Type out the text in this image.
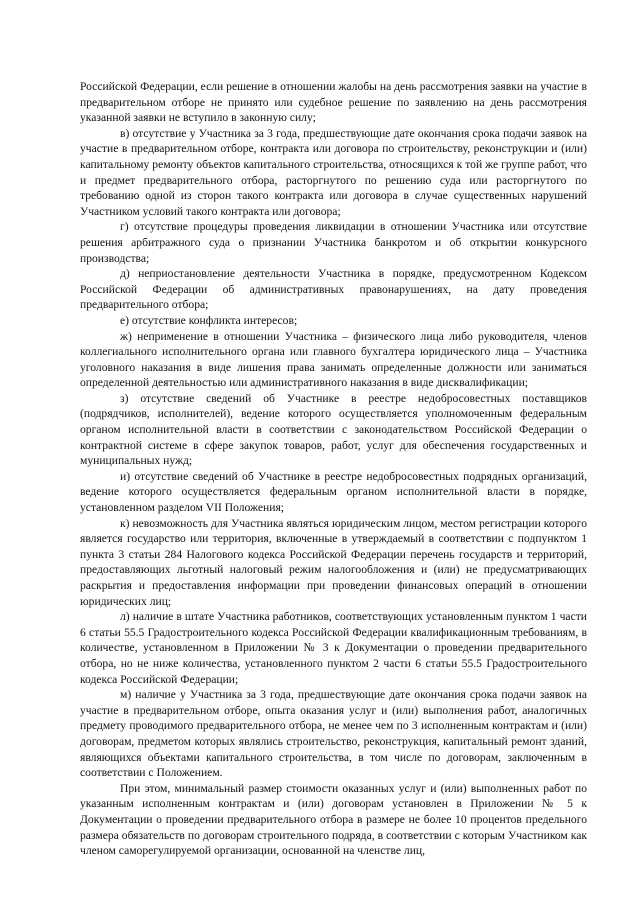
Российской Федерации, если решение в отношении жалобы на день рассмотрения заявки на участие в предварительном отборе не принято или судебное решение по заявлению на день рассмотрения указанной заявки не вступило в законную силу;

в) отсутствие у Участника за 3 года, предшествующие дате окончания срока подачи заявок на участие в предварительном отборе, контракта или договора по строительству, реконструкции и (или) капитальному ремонту объектов капитального строительства, относящихся к той же группе работ, что и предмет предварительного отбора, расторгнутого по решению суда или расторгнутого по требованию одной из сторон такого контракта или договора в случае существенных нарушений Участником условий такого контракта или договора;

г) отсутствие процедуры проведения ликвидации в отношении Участника или отсутствие решения арбитражного суда о признании Участника банкротом и об открытии конкурсного производства;

д) неприостановление деятельности Участника в порядке, предусмотренном Кодексом Российской Федерации об административных правонарушениях, на дату проведения предварительного отбора;

е) отсутствие конфликта интересов;

ж) неприменение в отношении Участника – физического лица либо руководителя, членов коллегиального исполнительного органа или главного бухгалтера юридического лица – Участника уголовного наказания в виде лишения права занимать определенные должности или заниматься определенной деятельностью или административного наказания в виде дисквалификации;

з) отсутствие сведений об Участнике в реестре недобросовестных поставщиков (подрядчиков, исполнителей), ведение которого осуществляется уполномоченным федеральным органом исполнительной власти в соответствии с законодательством Российской Федерации о контрактной системе в сфере закупок товаров, работ, услуг для обеспечения государственных и муниципальных нужд;

и) отсутствие сведений об Участнике в реестре недобросовестных подрядных организаций, ведение которого осуществляется федеральным органом исполнительной власти в порядке, установленном разделом VII Положения;

к) невозможность для Участника являться юридическим лицом, местом регистрации которого является государство или территория, включенные в утверждаемый в соответствии с подпунктом 1 пункта 3 статьи 284 Налогового кодекса Российской Федерации перечень государств и территорий, предоставляющих льготный налоговый режим налогообложения и (или) не предусматривающих раскрытия и предоставления информации при проведении финансовых операций в отношении юридических лиц;

л) наличие в штате Участника работников, соответствующих установленным пунктом 1 части 6 статьи 55.5 Градостроительного кодекса Российской Федерации квалификационным требованиям, в количестве, установленном в Приложении № 3 к Документации о проведении предварительного отбора, но не ниже количества, установленного пунктом 2 части 6 статьи 55.5 Градостроительного кодекса Российской Федерации;

м) наличие у Участника за 3 года, предшествующие дате окончания срока подачи заявок на участие в предварительном отборе, опыта оказания услуг и (или) выполнения работ, аналогичных предмету проводимого предварительного отбора, не менее чем по 3 исполненным контрактам и (или) договорам, предметом которых являлись строительство, реконструкция, капитальный ремонт зданий, являющихся объектами капитального строительства, в том числе по договорам, заключенным в соответствии с Положением.

При этом, минимальный размер стоимости оказанных услуг и (или) выполненных работ по указанным исполненным контрактам и (или) договорам установлен в Приложении № 5 к Документации о проведении предварительного отбора в размере не более 10 процентов предельного размера обязательств по договорам строительного подряда, в соответствии с которым Участником как членом саморегулируемой организации, основанной на членстве лиц,
